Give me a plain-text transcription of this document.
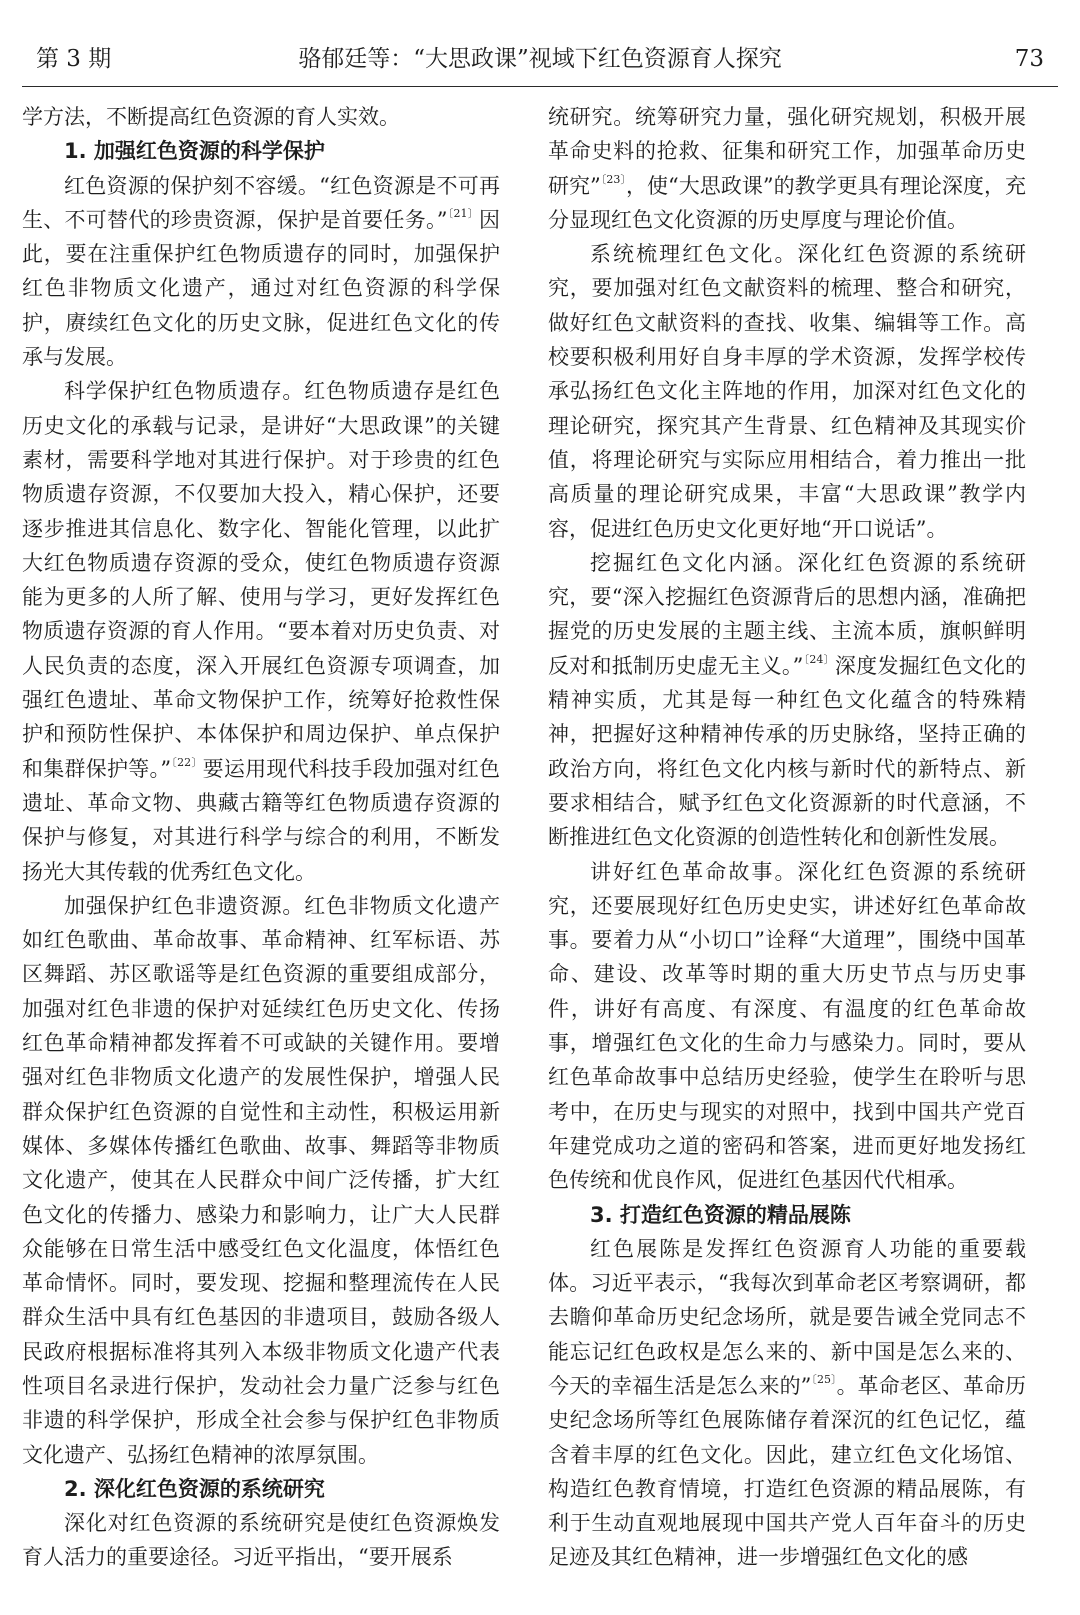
第 3 期	骆郁廷等：“大思政课”视域下红色资源育人探究	73

学方法，不断提高红色资源的育人实效。

1. 加强红色资源的科学保护

红色资源的保护刻不容缓。“红色资源是不可再生、不可替代的珍贵资源，保护是首要任务。”$^{〔21〕}$因此，要在注重保护红色物质遗存的同时，加强保护红色非物质文化遗产，通过对红色资源的科学保护，赓续红色文化的历史文脉，促进红色文化的传承与发展。

科学保护红色物质遗存。红色物质遗存是红色历史文化的承载与记录，是讲好“大思政课”的关键素材，需要科学地对其进行保护。对于珍贵的红色物质遗存资源，不仅要加大投入，精心保护，还要逐步推进其信息化、数字化、智能化管理，以此扩大红色物质遗存资源的受众，使红色物质遗存资源能为更多的人所了解、使用与学习，更好发挥红色物质遗存资源的育人作用。“要本着对历史负责、对人民负责的态度，深入开展红色资源专项调查，加强红色遗址、革命文物保护工作，统筹好抢救性保护和预防性保护、本体保护和周边保护、单点保护和集群保护等。”$^{〔22〕}$要运用现代科技手段加强对红色遗址、革命文物、典藏古籍等红色物质遗存资源的保护与修复，对其进行科学与综合的利用，不断发扬光大其传载的优秀红色文化。

加强保护红色非遗资源。红色非物质文化遗产如红色歌曲、革命故事、革命精神、红军标语、苏区舞蹈、苏区歌谣等是红色资源的重要组成部分，加强对红色非遗的保护对延续红色历史文化、传扬红色革命精神都发挥着不可或缺的关键作用。要增强对红色非物质文化遗产的发展性保护，增强人民群众保护红色资源的自觉性和主动性，积极运用新媒体、多媒体传播红色歌曲、故事、舞蹈等非物质文化遗产，使其在人民群众中间广泛传播，扩大红色文化的传播力、感染力和影响力，让广大人民群众能够在日常生活中感受红色文化温度，体悟红色革命情怀。同时，要发现、挖掘和整理流传在人民群众生活中具有红色基因的非遗项目，鼓励各级人民政府根据标准将其列入本级非物质文化遗产代表性项目名录进行保护，发动社会力量广泛参与红色非遗的科学保护，形成全社会参与保护红色非物质文化遗产、弘扬红色精神的浓厚氛围。

2. 深化红色资源的系统研究

深化对红色资源的系统研究是使红色资源焕发育人活力的重要途径。习近平指出，“要开展系

统研究。统筹研究力量，强化研究规划，积极开展革命史料的抢救、征集和研究工作，加强革命历史研究”$^{〔23〕}$，使“大思政课”的教学更具有理论深度，充分显现红色文化资源的历史厚度与理论价值。

系统梳理红色文化。深化红色资源的系统研究，要加强对红色文献资料的梳理、整合和研究，做好红色文献资料的查找、收集、编辑等工作。高校要积极利用好自身丰厚的学术资源，发挥学校传承弘扬红色文化主阵地的作用，加深对红色文化的理论研究，探究其产生背景、红色精神及其现实价值，将理论研究与实际应用相结合，着力推出一批高质量的理论研究成果，丰富“大思政课”教学内容，促进红色历史文化更好地“开口说话”。

挖掘红色文化内涵。深化红色资源的系统研究，要“深入挖掘红色资源背后的思想内涵，准确把握党的历史发展的主题主线、主流本质，旗帜鲜明反对和抵制历史虚无主义。”$^{〔24〕}$深度发掘红色文化的精神实质，尤其是每一种红色文化蕴含的特殊精神，把握好这种精神传承的历史脉络，坚持正确的政治方向，将红色文化内核与新时代的新特点、新要求相结合，赋予红色文化资源新的时代意涵，不断推进红色文化资源的创造性转化和创新性发展。

讲好红色革命故事。深化红色资源的系统研究，还要展现好红色历史史实，讲述好红色革命故事。要着力从“小切口”诠释“大道理”，围绕中国革命、建设、改革等时期的重大历史节点与历史事件，讲好有高度、有深度、有温度的红色革命故事，增强红色文化的生命力与感染力。同时，要从红色革命故事中总结历史经验，使学生在聆听与思考中，在历史与现实的对照中，找到中国共产党百年建党成功之道的密码和答案，进而更好地发扬红色传统和优良作风，促进红色基因代代相承。

3. 打造红色资源的精品展陈

红色展陈是发挥红色资源育人功能的重要载体。习近平表示，“我每次到革命老区考察调研，都去瞻仰革命历史纪念场所，就是要告诫全党同志不能忘记红色政权是怎么来的、新中国是怎么来的、今天的幸福生活是怎么来的”$^{〔25〕}$。革命老区、革命历史纪念场所等红色展陈储存着深沉的红色记忆，蕴含着丰厚的红色文化。因此，建立红色文化场馆、构造红色教育情境，打造红色资源的精品展陈，有利于生动直观地展现中国共产党人百年奋斗的历史足迹及其红色精神，进一步增强红色文化的感
